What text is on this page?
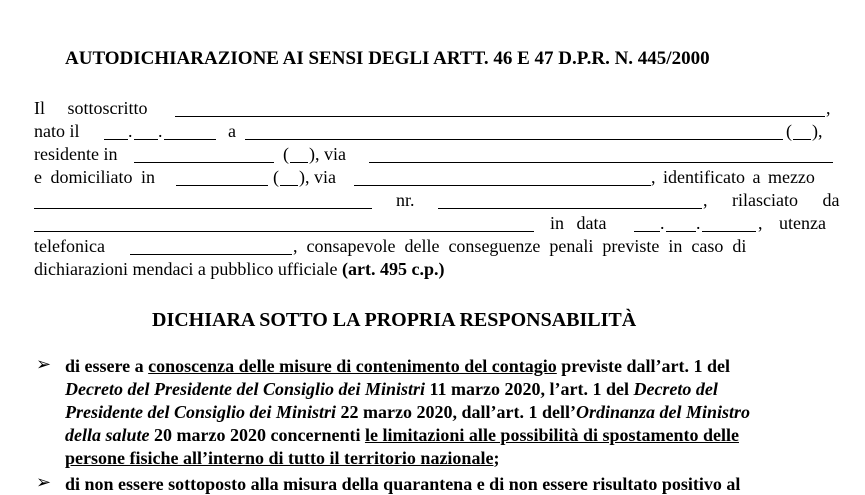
AUTODICHIARAZIONE AI SENSI DEGLI ARTT. 46 E 47 D.P.R. N. 445/2000
Il sottoscritto	,
nato il	. .	a	( ),
residente in	( ), via
e domiciliato in	( ), via	, identificato a mezzo
nr.	, rilasciato da
in data	. .	, utenza
telefonica	, consapevole delle conseguenze penali previste in caso di
dichiarazioni mendaci a pubblico ufficiale (art. 495 c.p.)
DICHIARA SOTTO LA PROPRIA RESPONSABILITÀ
➢ di essere a conoscenza delle misure di contenimento del contagio previste dall’art. 1 del
Decreto del Presidente del Consiglio dei Ministri 11 marzo 2020, l’art. 1 del Decreto del
Presidente del Consiglio dei Ministri 22 marzo 2020, dall’art. 1 dell’Ordinanza del Ministro
della salute 20 marzo 2020 concernenti le limitazioni alle possibilità di spostamento delle
persone fisiche all’interno di tutto il territorio nazionale;
➢ di non essere sottoposto alla misura della quarantena e di non essere risultato positivo al
